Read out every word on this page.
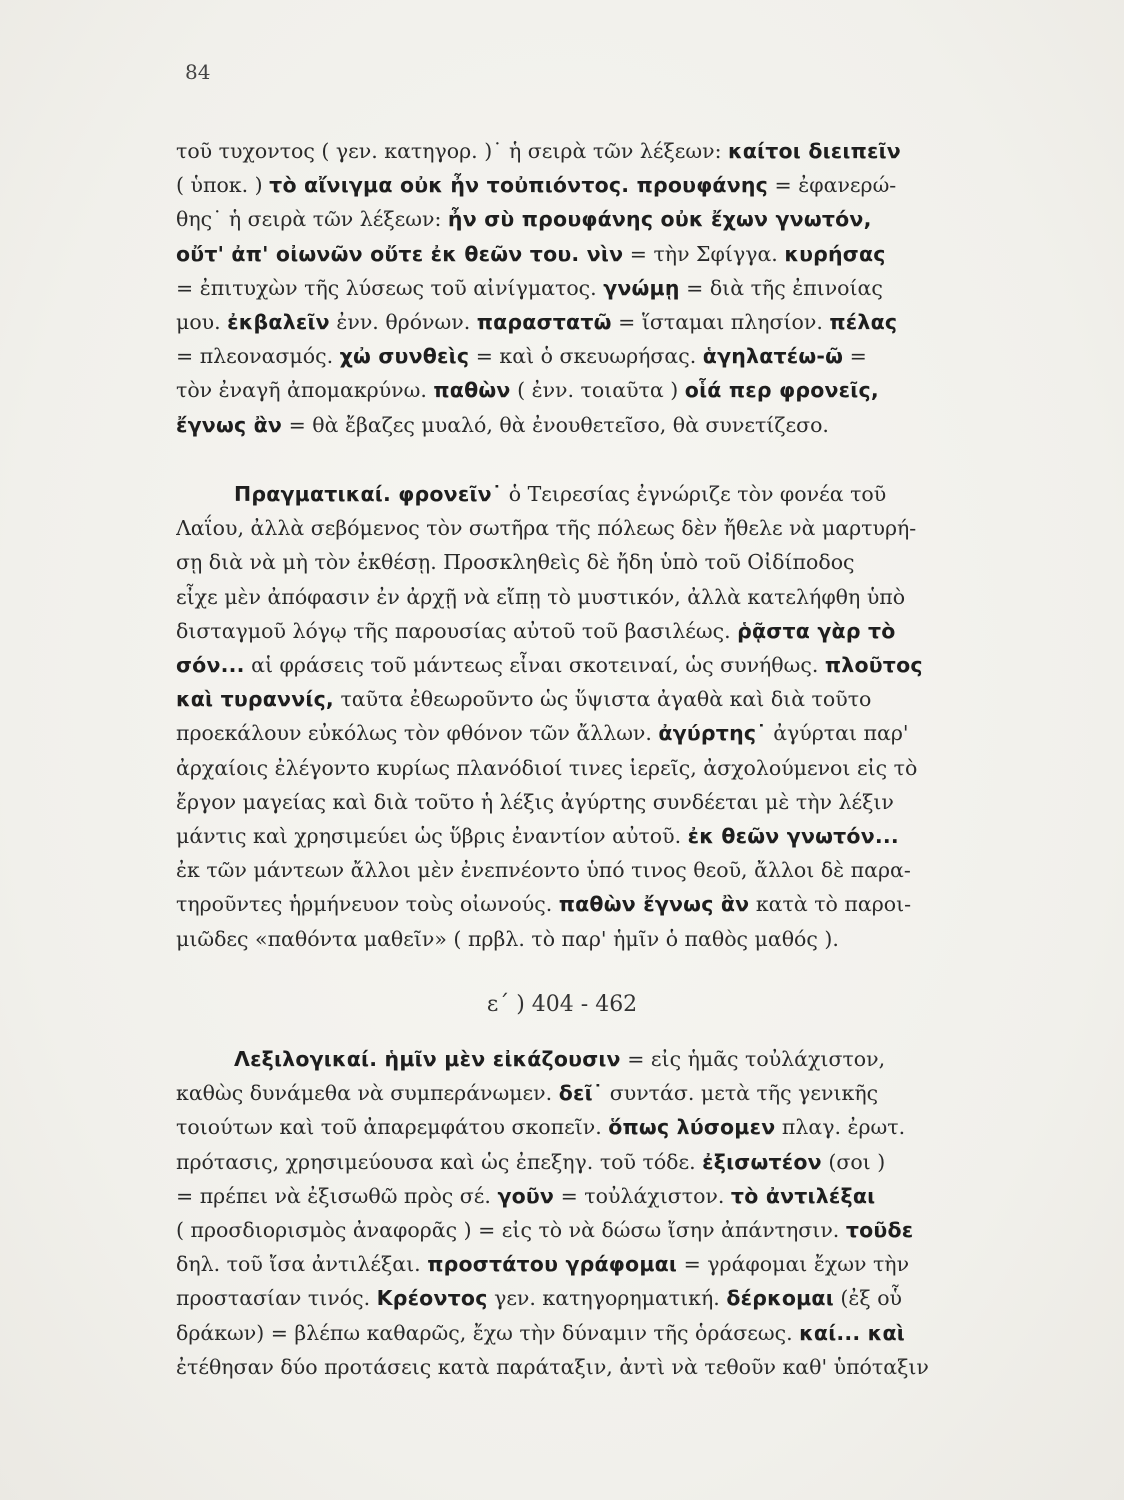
84
τοῦ τυχοντος ( γεν. κατηγορ. )˙ ἡ σειρὰ τῶν λέξεων: καίτοι διειπεῖν
( ὑποκ. ) τὸ αἴνιγμα οὐκ ἦν τοὐπιόντος. προυφάνης = ἐφανερώ-
θης˙ ἡ σειρὰ τῶν λέξεων: ἦν σὺ προυφάνης οὐκ ἔχων γνωτόν,
οὔτ' ἀπ' οἰωνῶν οὔτε ἐκ θεῶν του. νὶν = τὴν Σφίγγα. κυρήσας
= ἐπιτυχὼν τῆς λύσεως τοῦ αἰνίγματος. γνώμῃ = διὰ τῆς ἐπινοίας
μου. ἐκβαλεῖν ἐνν. θρόνων. παραστατῶ = ἵσταμαι πλησίον. πέλας
= πλεονασμός. χὠ συνθεὶς = καὶ ὁ σκευωρήσας. ἁγηλατέω-ῶ =
τὸν ἐναγῆ ἀπομακρύνω. παθὼν ( ἐνν. τοιαῦτα ) οἷά περ φρονεῖς,
ἔγνως ἂν = θὰ ἔβαζες μυαλό, θὰ ἐνουθετεῖσο, θὰ συνετίζεσο.
Πραγματικαί. φρονεῖν˙ ὁ Τειρεσίας ἐγνώριζε τὸν φονέα τοῦ
Λαΐου, ἀλλὰ σεβόμενος τὸν σωτῆρα τῆς πόλεως δὲν ἤθελε νὰ μαρτυρή-
σῃ διὰ νὰ μὴ τὸν ἐκθέσῃ. Προσκληθεὶς δὲ ἤδη ὑπὸ τοῦ Οἰδίποδος
εἶχε μὲν ἀπόφασιν ἐν ἀρχῇ νὰ εἴπῃ τὸ μυστικόν, ἀλλὰ κατελήφθη ὑπὸ
δισταγμοῦ λόγῳ τῆς παρουσίας αὐτοῦ τοῦ βασιλέως. ῥᾷστα γὰρ τὸ
σόν... αἱ φράσεις τοῦ μάντεως εἶναι σκοτειναί, ὡς συνήθως. πλοῦτος
καὶ τυραννίς, ταῦτα ἐθεωροῦντο ὡς ὕψιστα ἀγαθὰ καὶ διὰ τοῦτο
προεκάλουν εὐκόλως τὸν φθόνον τῶν ἄλλων. ἀγύρτης˙ ἀγύρται παρ'
ἀρχαίοις ἐλέγοντο κυρίως πλανόδιοί τινες ἱερεῖς, ἀσχολούμενοι εἰς τὸ
ἔργον μαγείας καὶ διὰ τοῦτο ἡ λέξις ἀγύρτης συνδέεται μὲ τὴν λέξιν
μάντις καὶ χρησιμεύει ὡς ὕβρις ἐναντίον αὐτοῦ. ἐκ θεῶν γνωτόν...
ἐκ τῶν μάντεων ἄλλοι μὲν ἐνεπνέοντο ὑπό τινος θεοῦ, ἄλλοι δὲ παρα-
τηροῦντες ἡρμήνευον τοὺς οἰωνούς. παθὼν ἔγνως ἂν κατὰ τὸ παροι-
μιῶδες «παθόντα μαθεῖν» ( πρβλ. τὸ παρ' ἡμῖν ὁ παθὸς μαθός ).
ε΄ ) 404 - 462
Λεξιλογικαί. ἡμῖν μὲν εἰκάζουσιν = εἰς ἡμᾶς τοὐλάχιστον,
καθὼς δυνάμεθα νὰ συμπεράνωμεν. δεῖ˙ συντάσ. μετὰ τῆς γενικῆς
τοιούτων καὶ τοῦ ἀπαρεμφάτου σκοπεῖν. ὅπως λύσομεν πλαγ. ἐρωτ.
πρότασις, χρησιμεύουσα καὶ ὡς ἐπεξηγ. τοῦ τόδε. ἐξισωτέον (σοι )
= πρέπει νὰ ἐξισωθῶ πρὸς σέ. γοῦν = τοὐλάχιστον. τὸ ἀντιλέξαι
( προσδιορισμὸς ἀναφορᾶς ) = εἰς τὸ νὰ δώσω ἴσην ἀπάντησιν. τοῦδε
δηλ. τοῦ ἴσα ἀντιλέξαι. προστάτου γράφομαι = γράφομαι ἔχων τὴν
προστασίαν τινός. Κρέοντος γεν. κατηγορηματική. δέρκομαι (ἐξ οὗ
δράκων) = βλέπω καθαρῶς, ἔχω τὴν δύναμιν τῆς ὁράσεως. καί... καὶ
ἐτέθησαν δύο προτάσεις κατὰ παράταξιν, ἀντὶ νὰ τεθοῦν καθ' ὑπόταξιν
